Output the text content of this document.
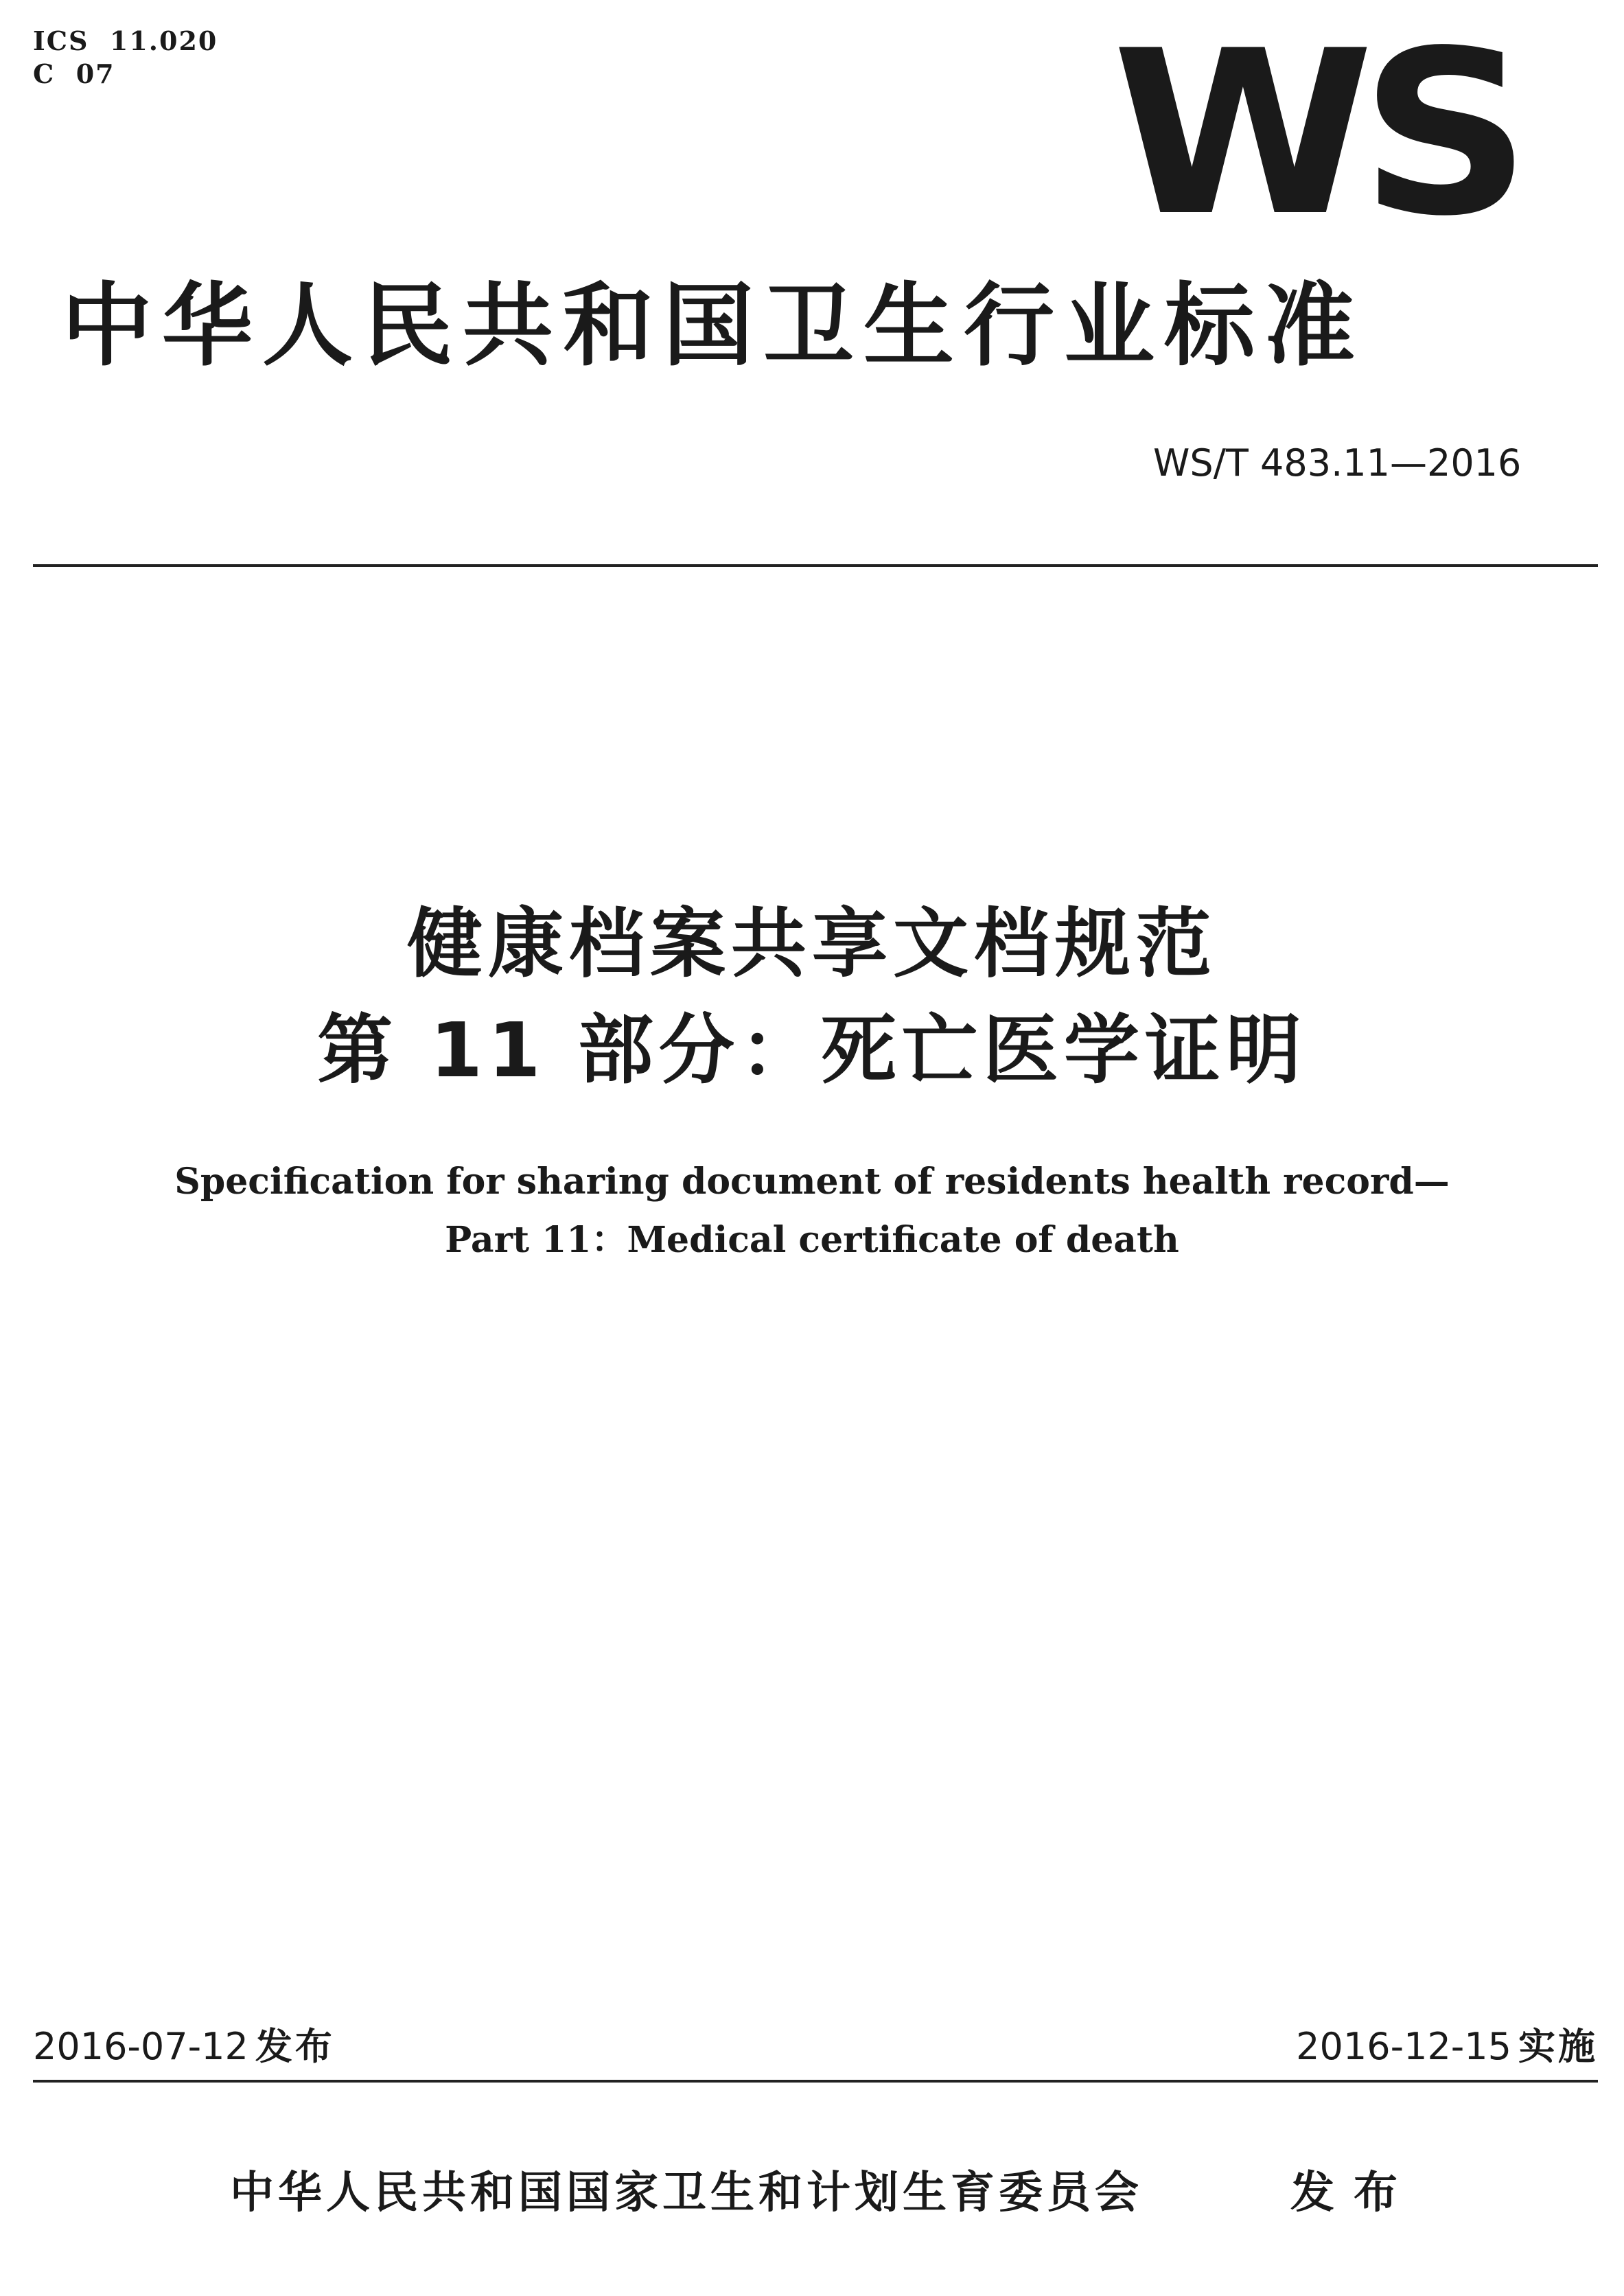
ICS  11.020
C  07	WS
中华人民共和国卫生行业标准
WS/T 483.11—2016
健康档案共享文档规范
第 11 部分：死亡医学证明
Specification for sharing document of residents health record—
Part 11：Medical certificate of death
2016-07-12 发布	2016-12-15 实施
中华人民共和国国家卫生和计划生育委员会	发布
